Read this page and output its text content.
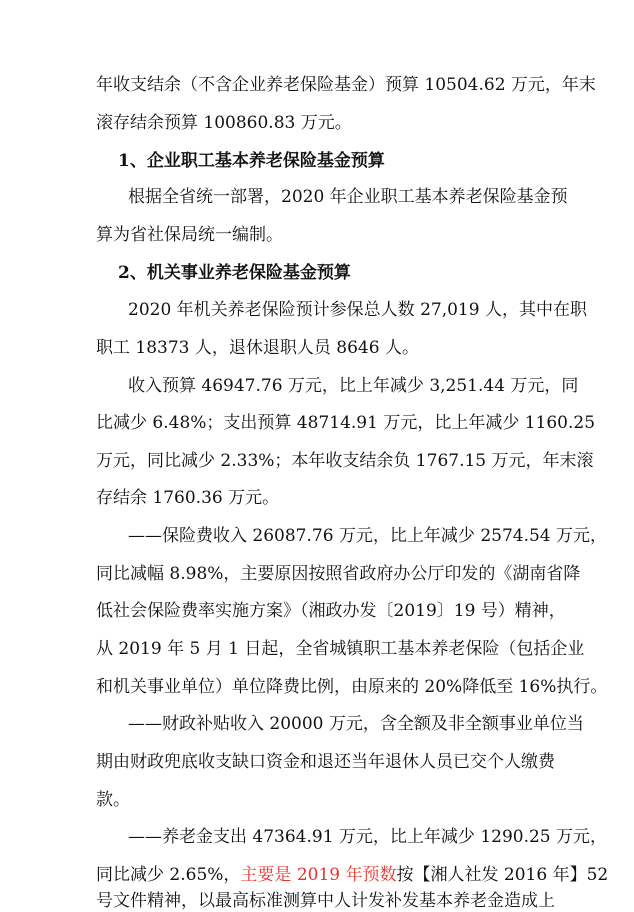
年收支结余（不含企业养老保险基金）预算 10504.62 万元，年末
滚存结余预算 100860.83 万元。
1、企业职工基本养老保险基金预算
根据全省统一部署，2020 年企业职工基本养老保险基金预
算为省社保局统一编制。
2、机关事业养老保险基金预算
2020 年机关养老保险预计参保总人数 27,019 人，其中在职
职工 18373 人，退休退职人员 8646 人。
收入预算 46947.76 万元，比上年减少 3,251.44 万元，同
比减少 6.48%；支出预算 48714.91 万元，比上年减少 1160.25
万元，同比减少 2.33%；本年收支结余负 1767.15 万元，年末滚
存结余 1760.36 万元。
——保险费收入 26087.76 万元，比上年减少 2574.54 万元，
同比减幅 8.98%，主要原因按照省政府办公厅印发的《湖南省降
低社会保险费率实施方案》（湘政办发〔2019〕19 号）精神，
从 2019 年 5 月 1 日起，全省城镇职工基本养老保险（包括企业
和机关事业单位）单位降费比例，由原来的 20%降低至 16%执行。
——财政补贴收入 20000 万元，含全额及非全额事业单位当
期由财政兜底收支缺口资金和退还当年退休人员已交个人缴费
款。
——养老金支出 47364.91 万元，比上年减少 1290.25 万元，
同比减少 2.65%，主要是 2019 年预数按【湘人社发 2016 年】52
号文件精神，以最高标准测算中人计发补发基本养老金造成上
